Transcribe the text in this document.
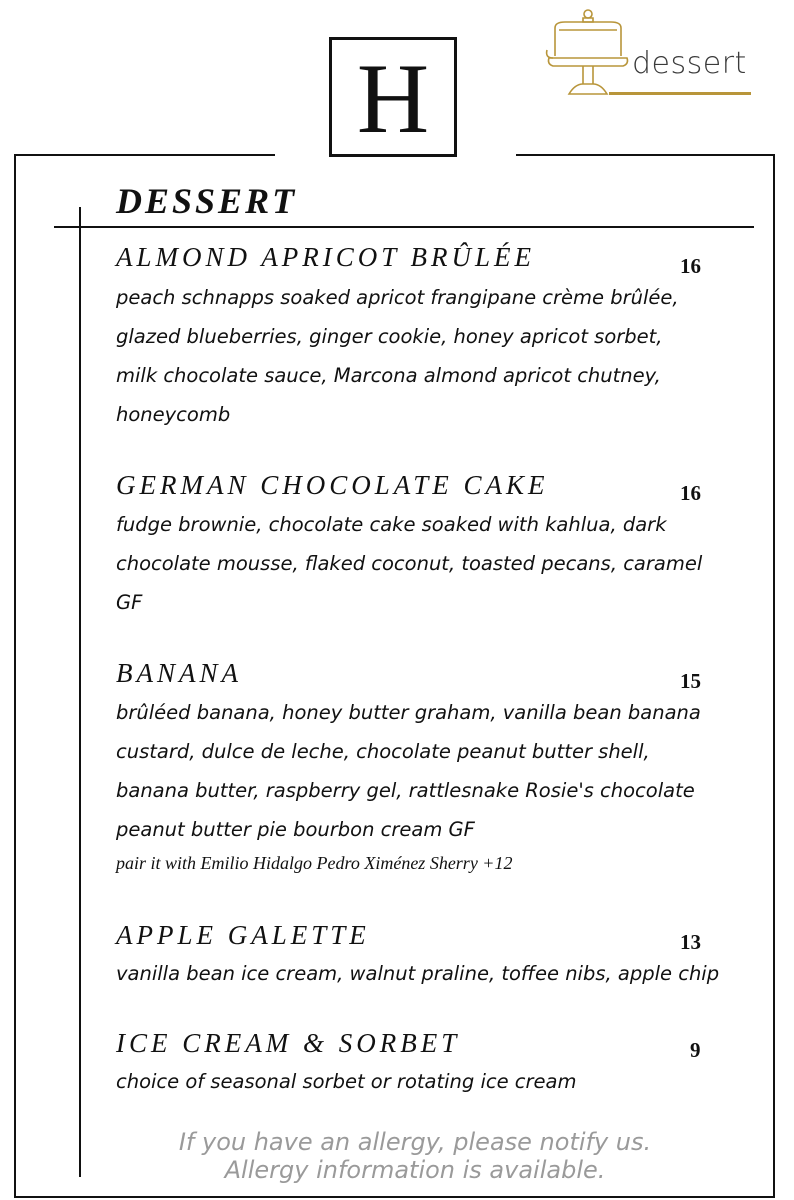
H	dessert
DESSERT
ALMOND APRICOT BRÛLÉE	16
peach schnapps soaked apricot frangipane crème brûlée, glazed blueberries, ginger cookie, honey apricot sorbet, milk chocolate sauce, Marcona almond apricot chutney, honeycomb
GERMAN CHOCOLATE CAKE	16
fudge brownie, chocolate cake soaked with kahlua, dark chocolate mousse, flaked coconut, toasted pecans, caramel GF
BANANA	15
brûléed banana, honey butter graham, vanilla bean banana custard, dulce de leche, chocolate peanut butter shell, banana butter, raspberry gel, rattlesnake Rosie's chocolate peanut butter pie bourbon cream GF
pair it with Emilio Hidalgo Pedro Ximénez Sherry +12
APPLE GALETTE	13
vanilla bean ice cream, walnut praline, toffee nibs, apple chip
ICE CREAM & SORBET	9
choice of seasonal sorbet or rotating ice cream
If you have an allergy, please notify us. Allergy information is available.
